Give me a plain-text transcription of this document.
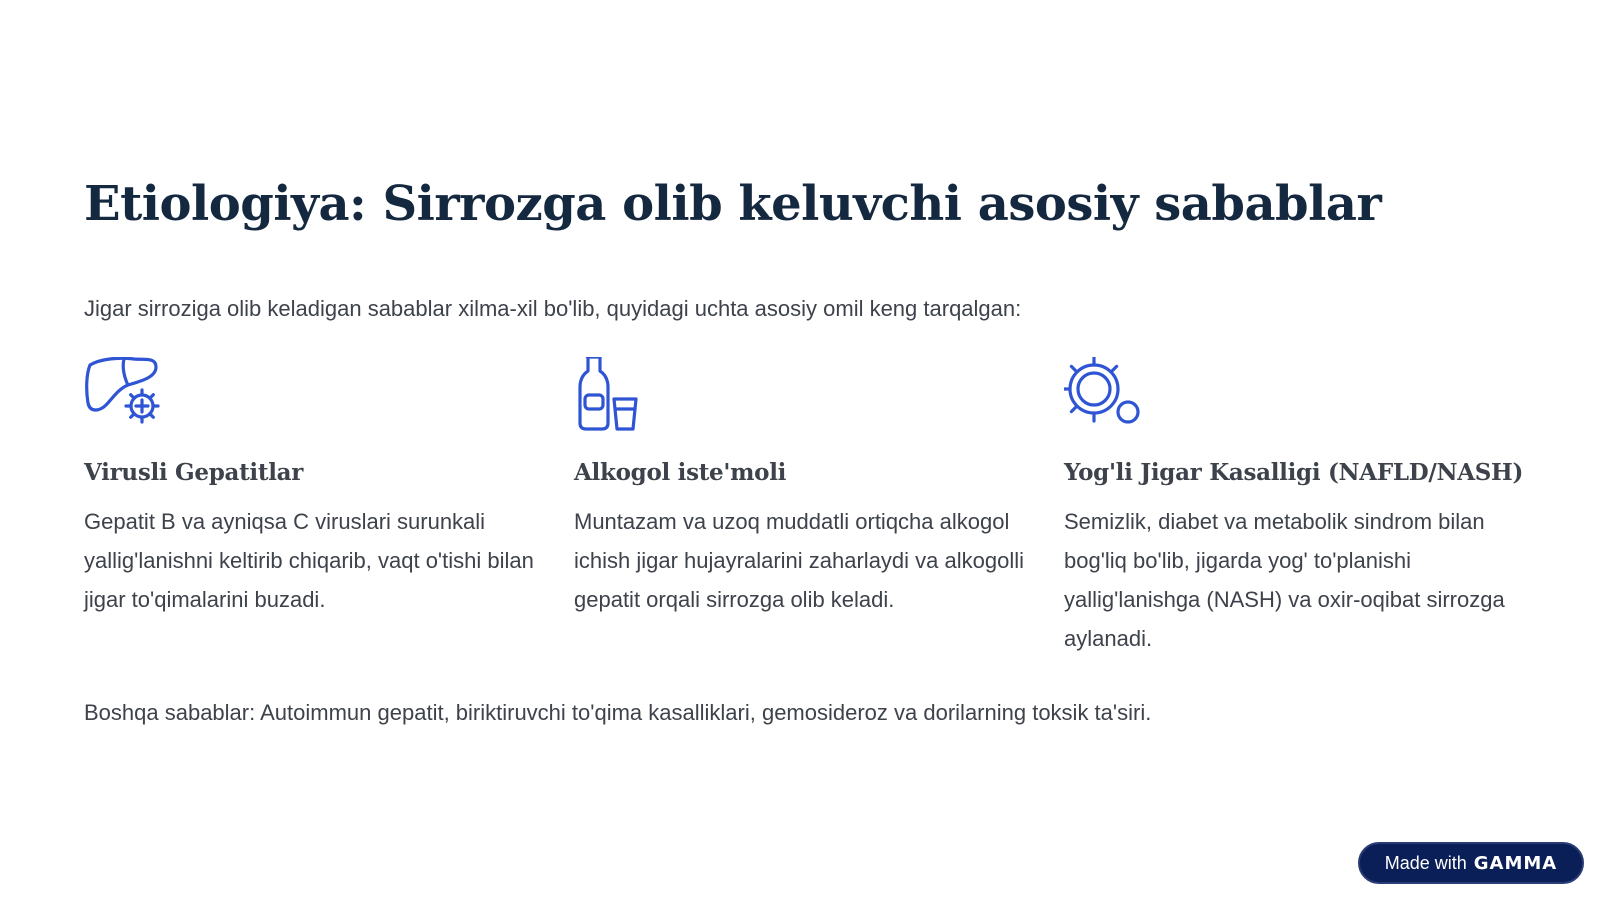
Etiologiya: Sirrozga olib keluvchi asosiy sabablar

Jigar sirroziga olib keladigan sabablar xilma-xil bo'lib, quyidagi uchta asosiy omil keng tarqalgan:

Virusli Gepatitlar

Gepatit B va ayniqsa C viruslari surunkali yallig'lanishni keltirib chiqarib, vaqt o'tishi bilan jigar to'qimalarini buzadi.

Alkogol iste'moli

Muntazam va uzoq muddatli ortiqcha alkogol ichish jigar hujayralarini zaharlaydi va alkogolli gepatit orqali sirrozga olib keladi.

Yog'li Jigar Kasalligi (NAFLD/NASH)

Semizlik, diabet va metabolik sindrom bilan bog'liq bo'lib, jigarda yog' to'planishi yallig'lanishga (NASH) va oxir-oqibat sirrozga aylanadi.

Boshqa sabablar: Autoimmun gepatit, biriktiruvchi to'qima kasalliklari, gemosideroz va dorilarning toksik ta'siri.

Made with GAMMA
